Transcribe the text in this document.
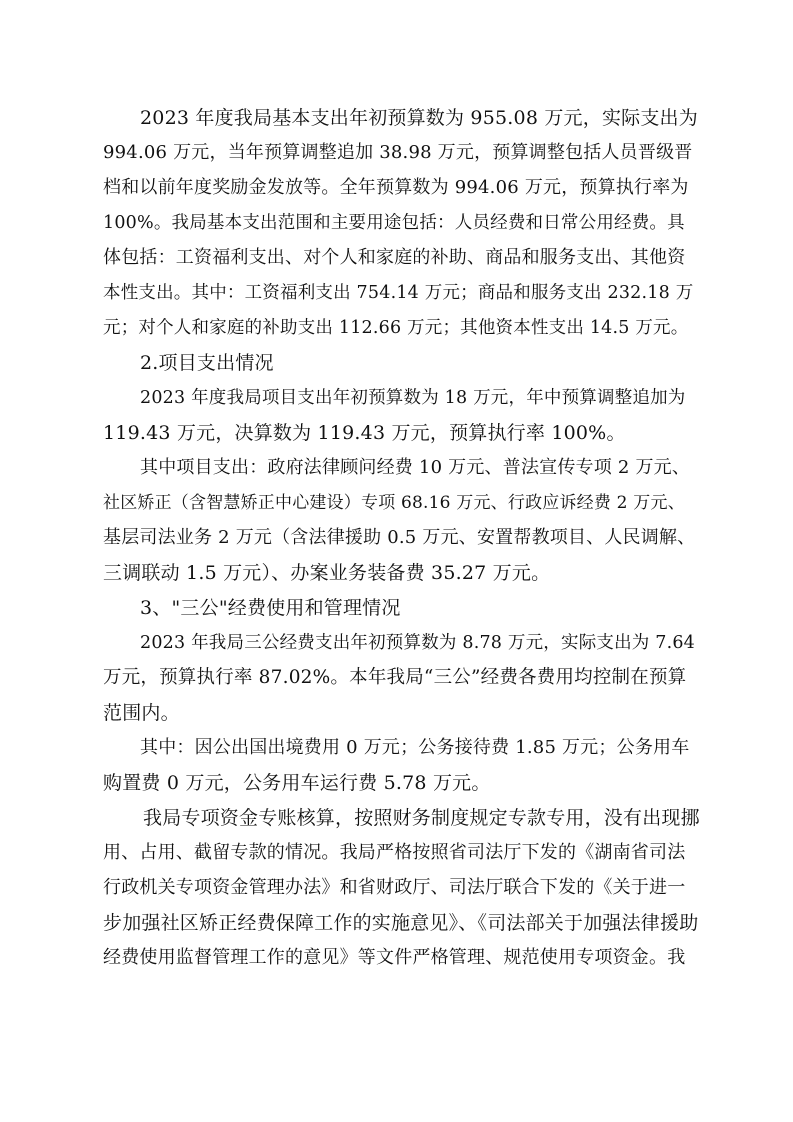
2023 年度我局基本支出年初预算数为 955.08 万元，实际支出为
994.06 万元，当年预算调整追加 38.98 万元，预算调整包括人员晋级晋
档和以前年度奖励金发放等。全年预算数为 994.06 万元，预算执行率为
100%。我局基本支出范围和主要用途包括：人员经费和日常公用经费。具
体包括：工资福利支出、对个人和家庭的补助、商品和服务支出、其他资
本性支出。其中：工资福利支出 754.14 万元；商品和服务支出 232.18 万
元；对个人和家庭的补助支出 112.66 万元；其他资本性支出 14.5 万元。
2.项目支出情况
2023 年度我局项目支出年初预算数为 18 万元，年中预算调整追加为
119.43 万元，决算数为 119.43 万元，预算执行率 100%。
其中项目支出：政府法律顾问经费 10 万元、普法宣传专项 2 万元、
社区矫正（含智慧矫正中心建设）专项 68.16 万元、行政应诉经费 2 万元、
基层司法业务 2 万元（含法律援助 0.5 万元、安置帮教项目、人民调解、
三调联动 1.5 万元）、办案业务装备费 35.27 万元。
3、"三公"经费使用和管理情况
2023 年我局三公经费支出年初预算数为 8.78 万元，实际支出为 7.64
万元，预算执行率 87.02%。本年我局“三公”经费各费用均控制在预算
范围内。
其中：因公出国出境费用 0 万元；公务接待费 1.85 万元；公务用车
购置费 0 万元，公务用车运行费 5.78 万元。
我局专项资金专账核算，按照财务制度规定专款专用，没有出现挪
用、占用、截留专款的情况。我局严格按照省司法厅下发的《湖南省司法
行政机关专项资金管理办法》和省财政厅、司法厅联合下发的《关于进一
步加强社区矫正经费保障工作的实施意见》、《司法部关于加强法律援助
经费使用监督管理工作的意见》等文件严格管理、规范使用专项资金。我
